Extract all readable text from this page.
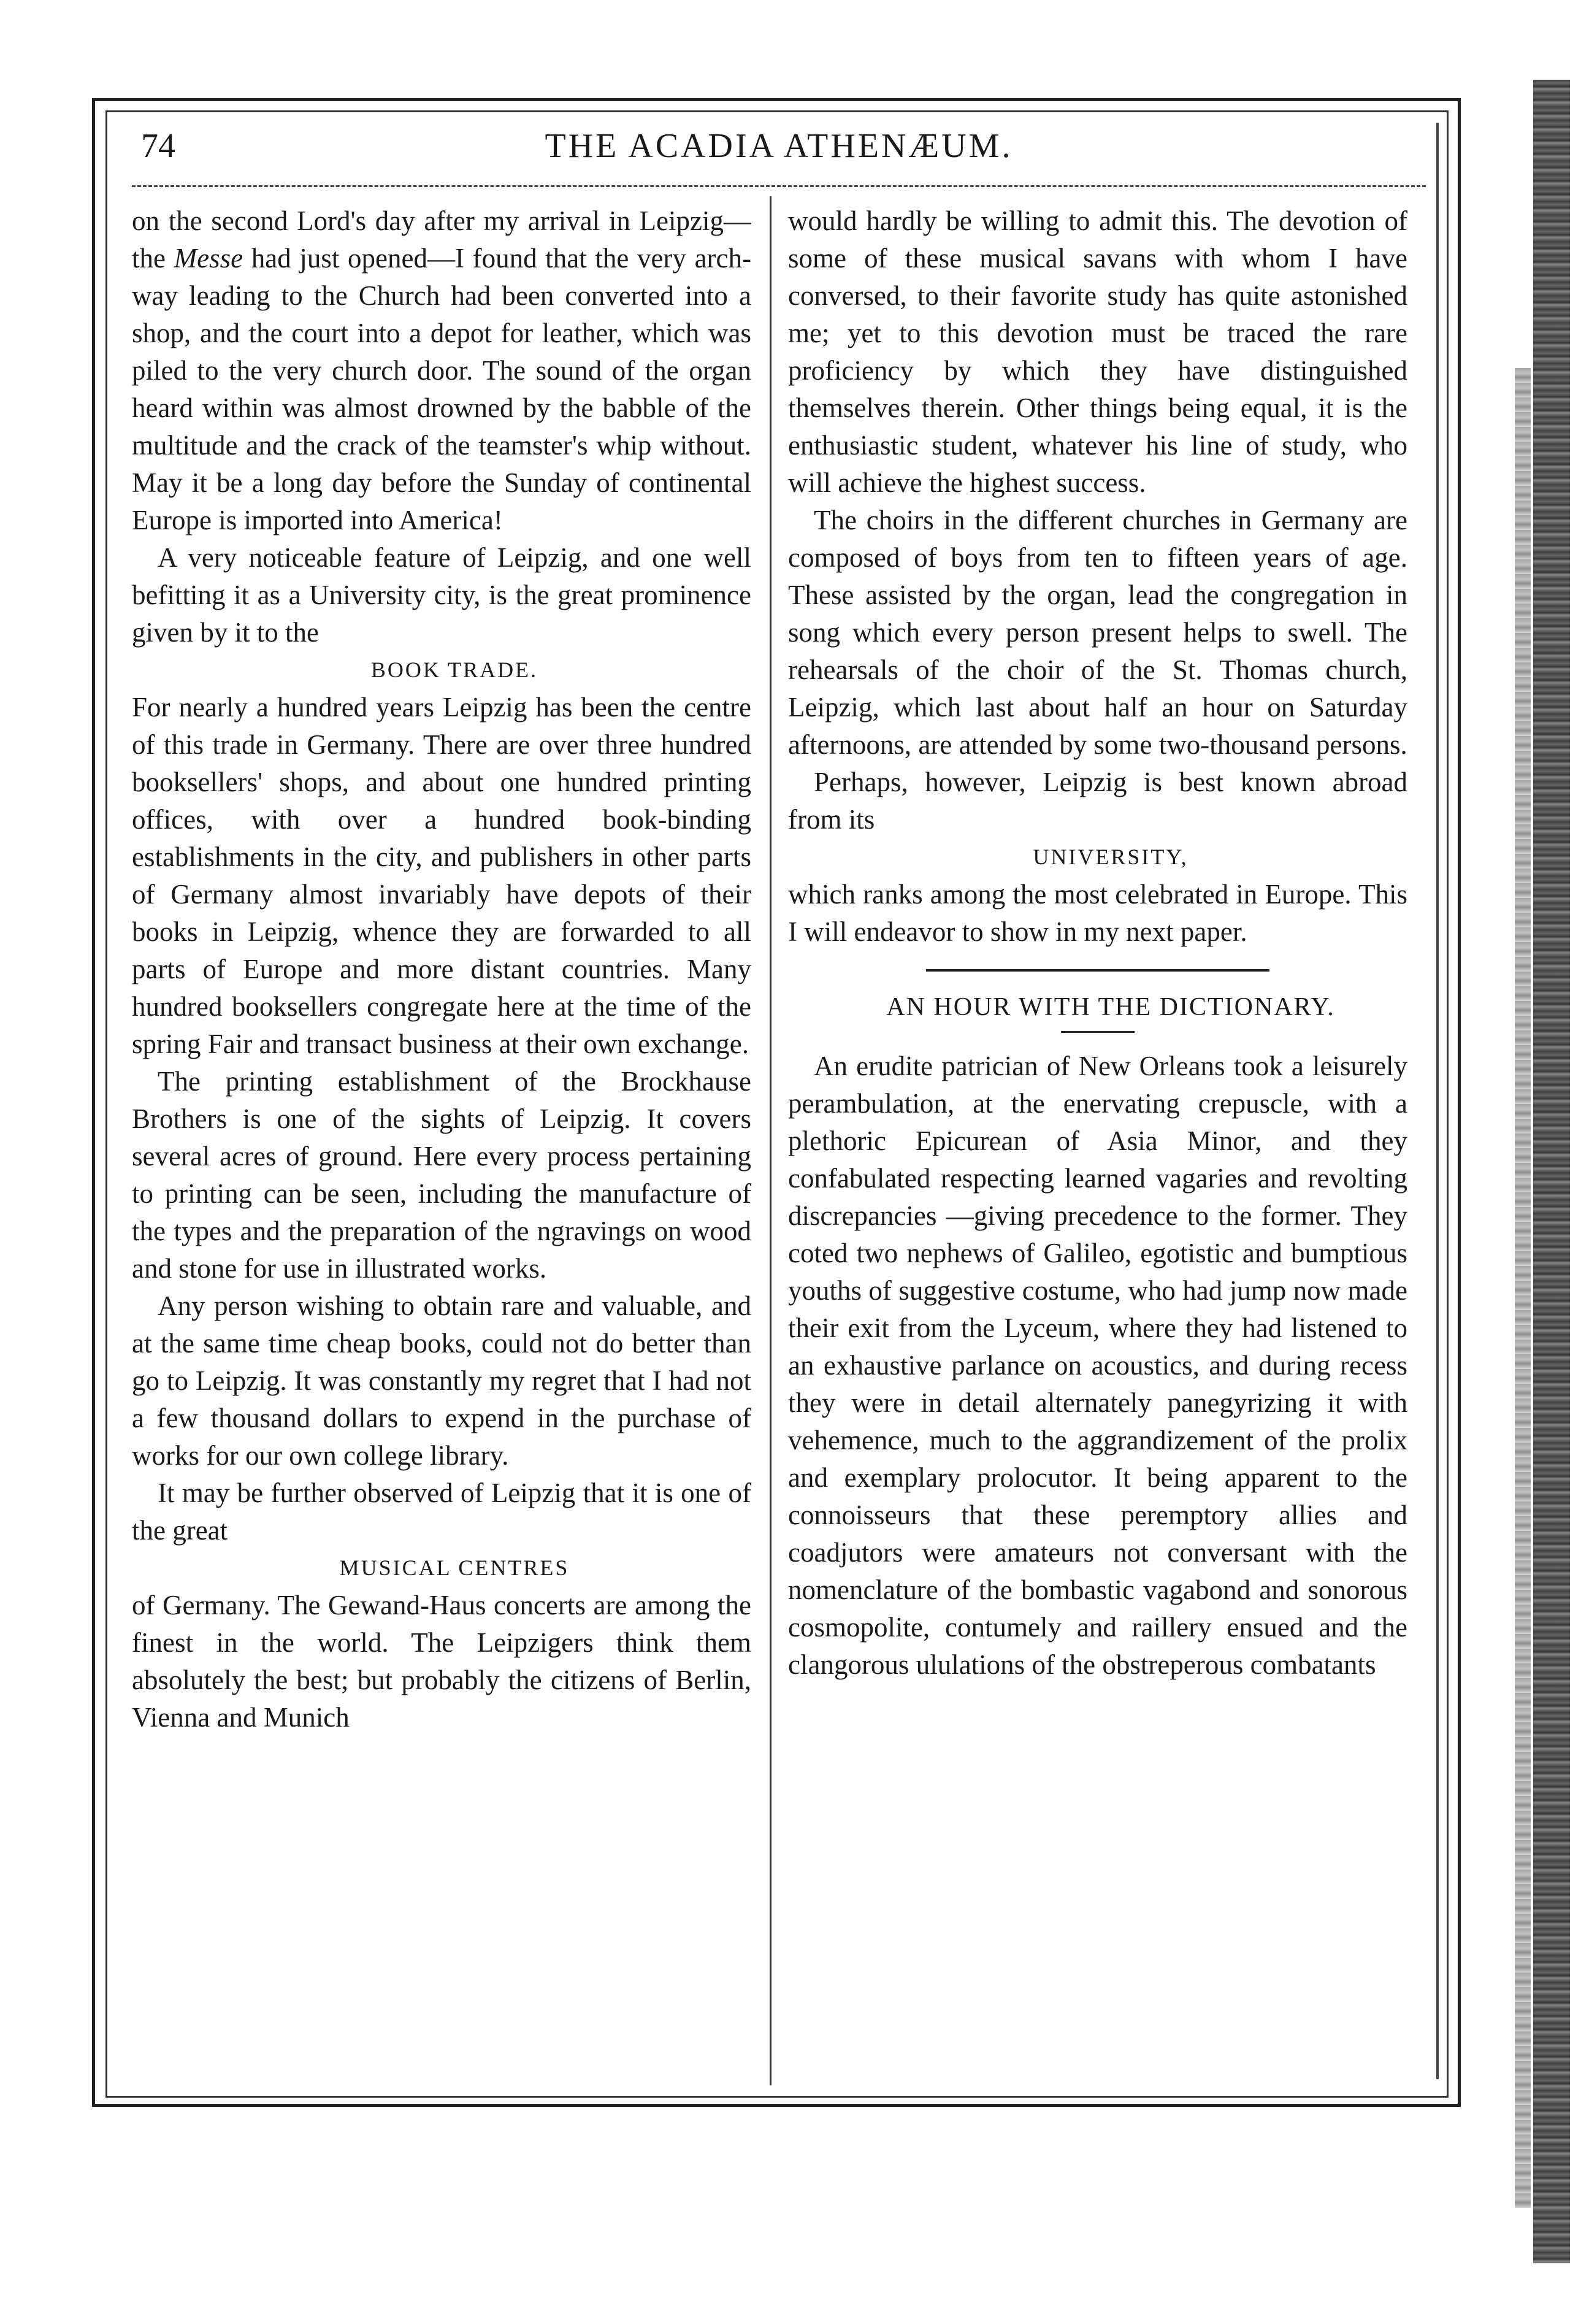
74	THE ACADIA ATHENÆUM.

on the second Lord's day after my arrival in Leipzig—the Messe had just opened—I found that the very arch-way leading to the Church had been converted into a shop, and the court into a depot for leather, which was piled to the very church door. The sound of the organ heard within was almost drowned by the babble of the multitude and the crack of the teamster's whip without. May it be a long day before the Sunday of continental Europe is imported into America!

A very noticeable feature of Leipzig, and one well befitting it as a University city, is the great prominence given by it to the

BOOK TRADE.

For nearly a hundred years Leipzig has been the centre of this trade in Germany. There are over three hundred booksellers' shops, and about one hundred printing offices, with over a hundred book-binding establishments in the city, and publishers in other parts of Germany almost invariably have depots of their books in Leipzig, whence they are forwarded to all parts of Europe and more distant countries. Many hundred booksellers congregate here at the time of the spring Fair and transact business at their own exchange.

The printing establishment of the Brockhause Brothers is one of the sights of Leipzig. It covers several acres of ground. Here every process pertaining to printing can be seen, including the manufacture of the types and the preparation of the ngravings on wood and stone for use in illustrated works.

Any person wishing to obtain rare and valuable, and at the same time cheap books, could not do better than go to Leipzig. It was constantly my regret that I had not a few thousand dollars to expend in the purchase of works for our own college library.

It may be further observed of Leipzig that it is one of the great

MUSICAL CENTRES

of Germany. The Gewand-Haus concerts are among the finest in the world. The Leipzigers think them absolutely the best; but probably the citizens of Berlin, Vienna and Munich

would hardly be willing to admit this. The devotion of some of these musical savans with whom I have conversed, to their favorite study has quite astonished me; yet to this devotion must be traced the rare proficiency by which they have distinguished themselves therein. Other things being equal, it is the enthusiastic student, whatever his line of study, who will achieve the highest success.

The choirs in the different churches in Germany are composed of boys from ten to fifteen years of age. These assisted by the organ, lead the congregation in song which every person present helps to swell. The rehearsals of the choir of the St. Thomas church, Leipzig, which last about half an hour on Saturday afternoons, are attended by some two-thousand persons.

Perhaps, however, Leipzig is best known abroad from its

UNIVERSITY,

which ranks among the most celebrated in Europe. This I will endeavor to show in my next paper.

AN HOUR WITH THE DICTIONARY.

An erudite patrician of New Orleans took a leisurely perambulation, at the enervating crepuscle, with a plethoric Epicurean of Asia Minor, and they confabulated respecting learned vagaries and revolting discrepancies —giving precedence to the former. They coted two nephews of Galileo, egotistic and bumptious youths of suggestive costume, who had jump now made their exit from the Lyceum, where they had listened to an exhaustive parlance on acoustics, and during recess they were in detail alternately panegyrizing it with vehemence, much to the aggrandizement of the prolix and exemplary prolocutor. It being apparent to the connoisseurs that these peremptory allies and coadjutors were amateurs not conversant with the nomenclature of the bombastic vagabond and sonorous cosmopolite, contumely and raillery ensued and the clangorous ululations of the obstreperous combatants
